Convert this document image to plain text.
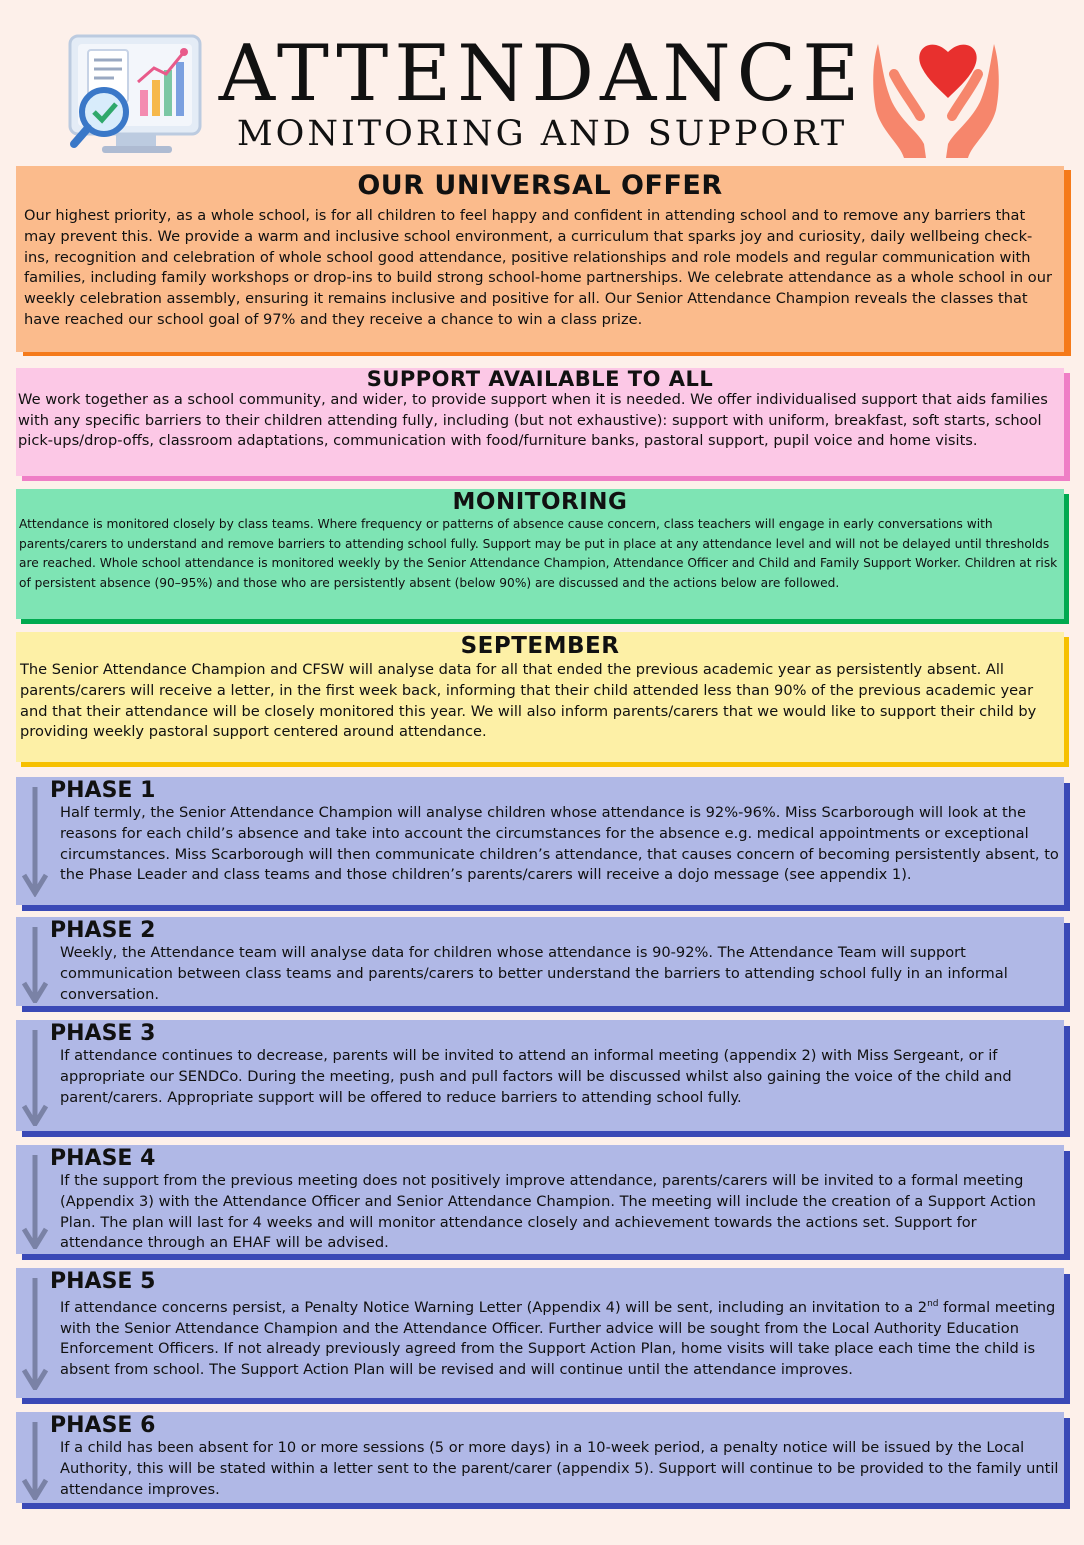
ATTENDANCE
MONITORING AND SUPPORT
OUR UNIVERSAL OFFER

Our highest priority, as a whole school, is for all children to feel happy and confident in attending school and to remove any barriers that may prevent this. We provide a warm and inclusive school environment, a curriculum that sparks joy and curiosity, daily wellbeing check-ins, recognition and celebration of whole school good attendance, positive relationships and role models and regular communication with families, including family workshops or drop-ins to build strong school-home partnerships. We celebrate attendance as a whole school in our weekly celebration assembly, ensuring it remains inclusive and positive for all. Our Senior Attendance Champion reveals the classes that have reached our school goal of 97% and they receive a chance to win a class prize.

SUPPORT AVAILABLE TO ALL

We work together as a school community, and wider, to provide support when it is needed. We offer individualised support that aids families with any specific barriers to their children attending fully, including (but not exhaustive): support with uniform, breakfast, soft starts, school pick-ups/drop-offs, classroom adaptations, communication with food/furniture banks, pastoral support, pupil voice and home visits.

MONITORING

Attendance is monitored closely by class teams. Where frequency or patterns of absence cause concern, class teachers will engage in early conversations with parents/carers to understand and remove barriers to attending school fully. Support may be put in place at any attendance level and will not be delayed until thresholds are reached. Whole school attendance is monitored weekly by the Senior Attendance Champion, Attendance Officer and Child and Family Support Worker. Children at risk of persistent absence (90–95%) and those who are persistently absent (below 90%) are discussed and the actions below are followed.

SEPTEMBER

The Senior Attendance Champion and CFSW will analyse data for all that ended the previous academic year as persistently absent. All parents/carers will receive a letter, in the first week back, informing that their child attended less than 90% of the previous academic year and that their attendance will be closely monitored this year. We will also inform parents/carers that we would like to support their child by providing weekly pastoral support centered around attendance.

PHASE 1

Half termly, the Senior Attendance Champion will analyse children whose attendance is 92%-96%. Miss Scarborough will look at the reasons for each child’s absence and take into account the circumstances for the absence e.g. medical appointments or exceptional circumstances. Miss Scarborough will then communicate children’s attendance, that causes concern of becoming persistently absent, to the Phase Leader and class teams and those children’s parents/carers will receive a dojo message (see appendix 1).

PHASE 2

Weekly, the Attendance team will analyse data for children whose attendance is 90-92%. The Attendance Team will support communication between class teams and parents/carers to better understand the barriers to attending school fully in an informal conversation.

PHASE 3

If attendance continues to decrease, parents will be invited to attend an informal meeting (appendix 2) with Miss Sergeant, or if appropriate our SENDCo. During the meeting, push and pull factors will be discussed whilst also gaining the voice of the child and parent/carers. Appropriate support will be offered to reduce barriers to attending school fully.

PHASE 4

If the support from the previous meeting does not positively improve attendance, parents/carers will be invited to a formal meeting (Appendix 3) with the Attendance Officer and Senior Attendance Champion. The meeting will include the creation of a Support Action Plan. The plan will last for 4 weeks and will monitor attendance closely and achievement towards the actions set. Support for attendance through an EHAF will be advised.

PHASE 5

If attendance concerns persist, a Penalty Notice Warning Letter (Appendix 4) will be sent, including an invitation to a 2nd formal meeting with the Senior Attendance Champion and the Attendance Officer. Further advice will be sought from the Local Authority Education Enforcement Officers. If not already previously agreed from the Support Action Plan, home visits will take place each time the child is absent from school. The Support Action Plan will be revised and will continue until the attendance improves.

PHASE 6

If a child has been absent for 10 or more sessions (5 or more days) in a 10-week period, a penalty notice will be issued by the Local Authority, this will be stated within a letter sent to the parent/carer (appendix 5). Support will continue to be provided to the family until attendance improves.
